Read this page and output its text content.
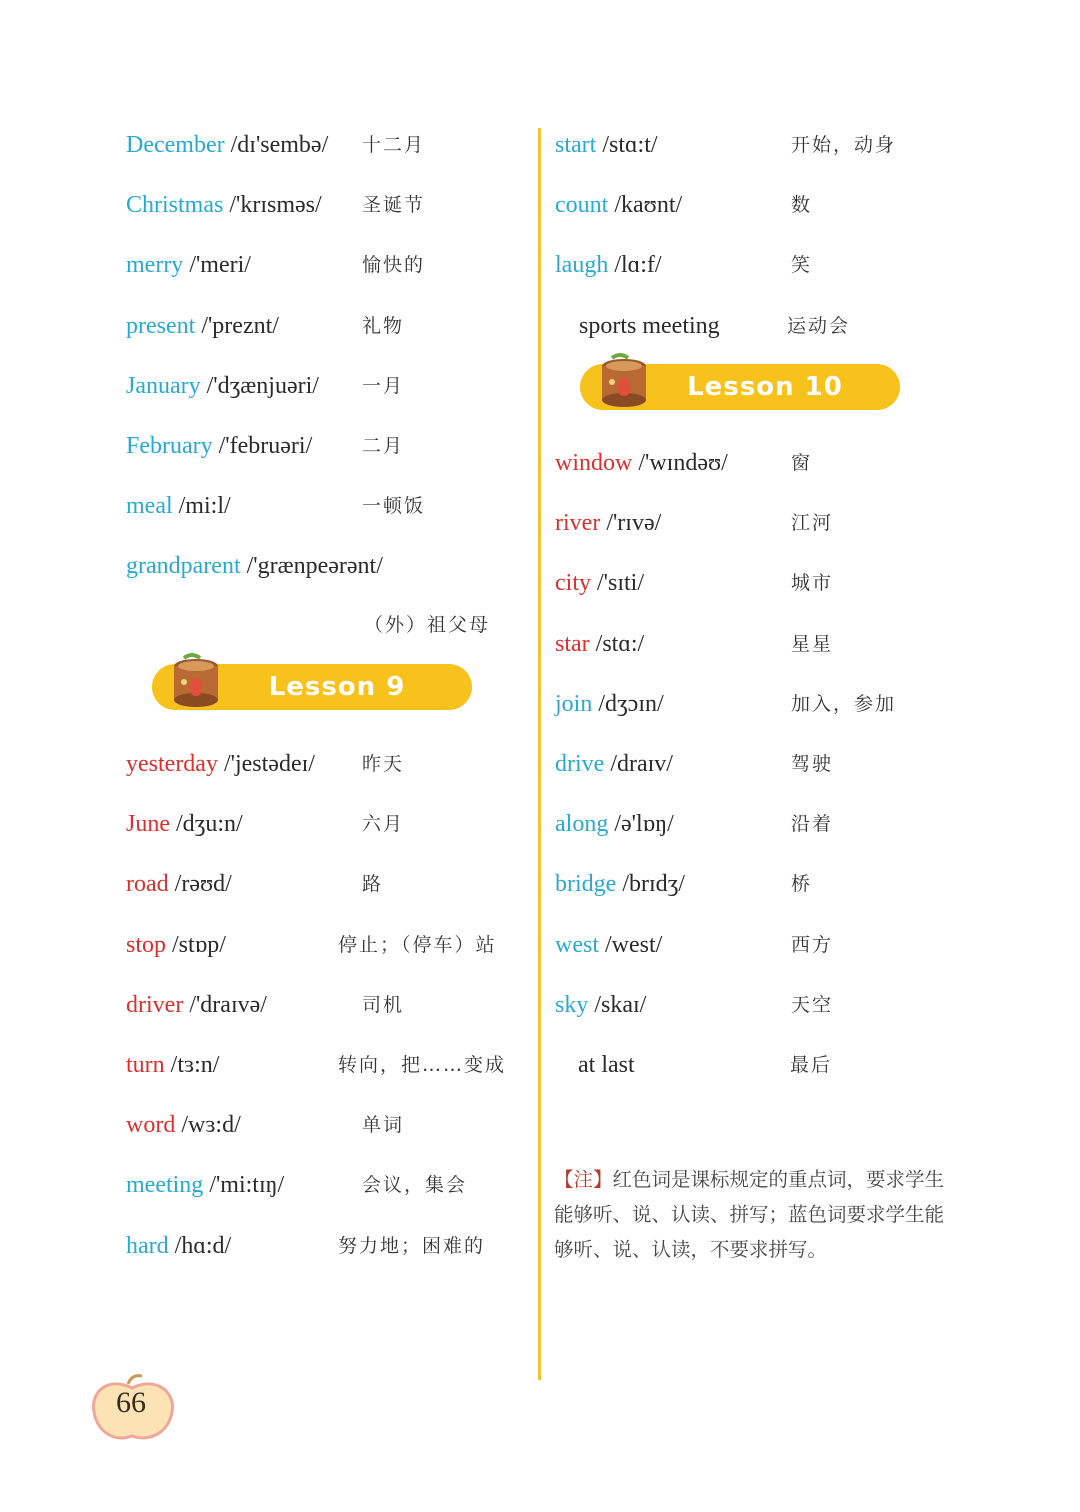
December /dɪ'sembə/ 十二月
Christmas /'krɪsməs/ 圣诞节
merry /'meri/	愉快的
present /'preznt/	礼物
January /'dʒænjuəri/ 一月
February /'februəri/	二月
meal /mi:l/	一顿饭
grandparent /'grænpeərənt/
（外）祖父母
Lesson 9
yesterday /'jestədeɪ/ 昨天
June /dʒu:n/	六月
road /rəʊd/	路
stop /stɒp/	停止；（停车）站
driver /'draɪvə/	司机
turn /tɜ:n/	转向，把……变成
word /wɜ:d/	单词
meeting /'mi:tɪŋ/	会议，集会
hard /hɑ:d/	努力地；困难的
start /stɑ:t/	开始，动身
count /kaʊnt/	数
laugh /lɑ:f/	笑
sports meeting	运动会
Lesson 10
window /'wɪndəʊ/	窗
river /'rɪvə/	江河
city /'sɪti/	城市
star /stɑ:/	星星
join /dʒɔɪn/	加入，参加
drive /draɪv/	驾驶
along /ə'lɒŋ/	沿着
bridge /brɪdʒ/	桥
west /west/	西方
sky /skaɪ/	天空
at last	最后
【注】红色词是课标规定的重点词，要求学生能够听、说、认读、拼写；蓝色词要求学生能够听、说、认读，不要求拼写。
66
